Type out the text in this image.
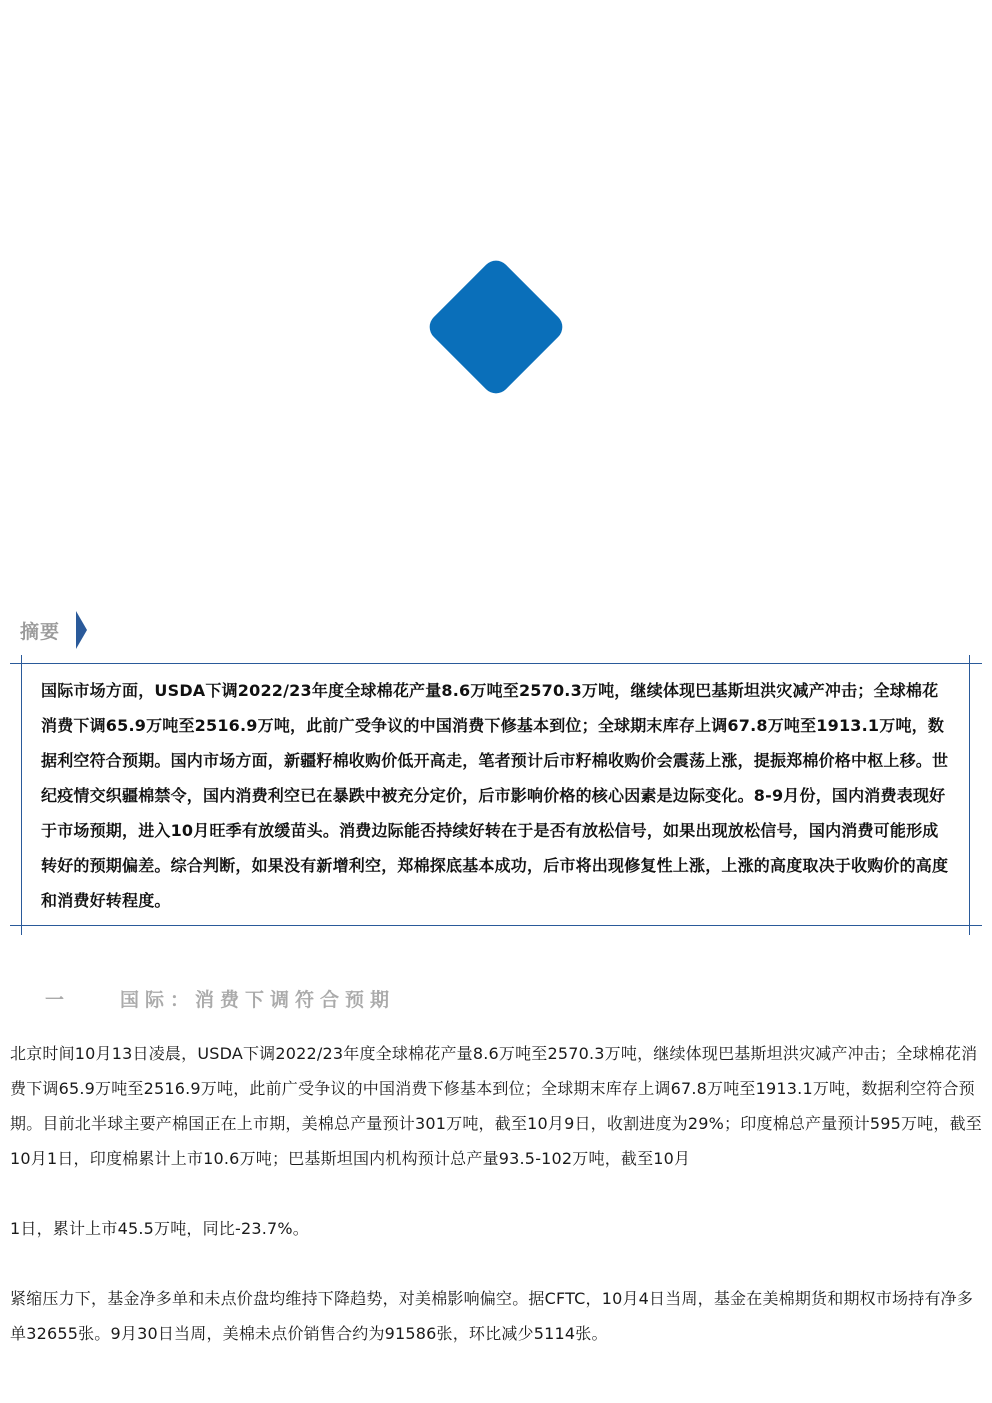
摘要
国际市场方面，USDA下调2022/23年度全球棉花产量8.6万吨至2570.3万吨，继续体现巴基斯坦洪灾减产冲击；全球棉花消费下调65.9万吨至2516.9万吨，此前广受争议的中国消费下修基本到位；全球期末库存上调67.8万吨至1913.1万吨，数据利空符合预期。国内市场方面，新疆籽棉收购价低开高走，笔者预计后市籽棉收购价会震荡上涨，提振郑棉价格中枢上移。世纪疫情交织疆棉禁令，国内消费利空已在暴跌中被充分定价，后市影响价格的核心因素是边际变化。8-9月份，国内消费表现好于市场预期，进入10月旺季有放缓苗头。消费边际能否持续好转在于是否有放松信号，如果出现放松信号，国内消费可能形成转好的预期偏差。综合判断，如果没有新增利空，郑棉探底基本成功，后市将出现修复性上涨，上涨的高度取决于收购价的高度和消费好转程度。
一	国际：消费下调符合预期
北京时间10月13日凌晨，USDA下调2022/23年度全球棉花产量8.6万吨至2570.3万吨，继续体现巴基斯坦洪灾减产冲击；全球棉花消费下调65.9万吨至2516.9万吨，此前广受争议的中国消费下修基本到位；全球期末库存上调67.8万吨至1913.1万吨，数据利空符合预期。目前北半球主要产棉国正在上市期，美棉总产量预计301万吨，截至10月9日，收割进度为29%；印度棉总产量预计595万吨，截至10月1日，印度棉累计上市10.6万吨；巴基斯坦国内机构预计总产量93.5-102万吨，截至10月
1日，累计上市45.5万吨，同比-23.7%。
紧缩压力下，基金净多单和未点价盘均维持下降趋势，对美棉影响偏空。据CFTC，10月4日当周，基金在美棉期货和期权市场持有净多单32655张。9月30日当周，美棉未点价销售合约为91586张，环比减少5114张。
